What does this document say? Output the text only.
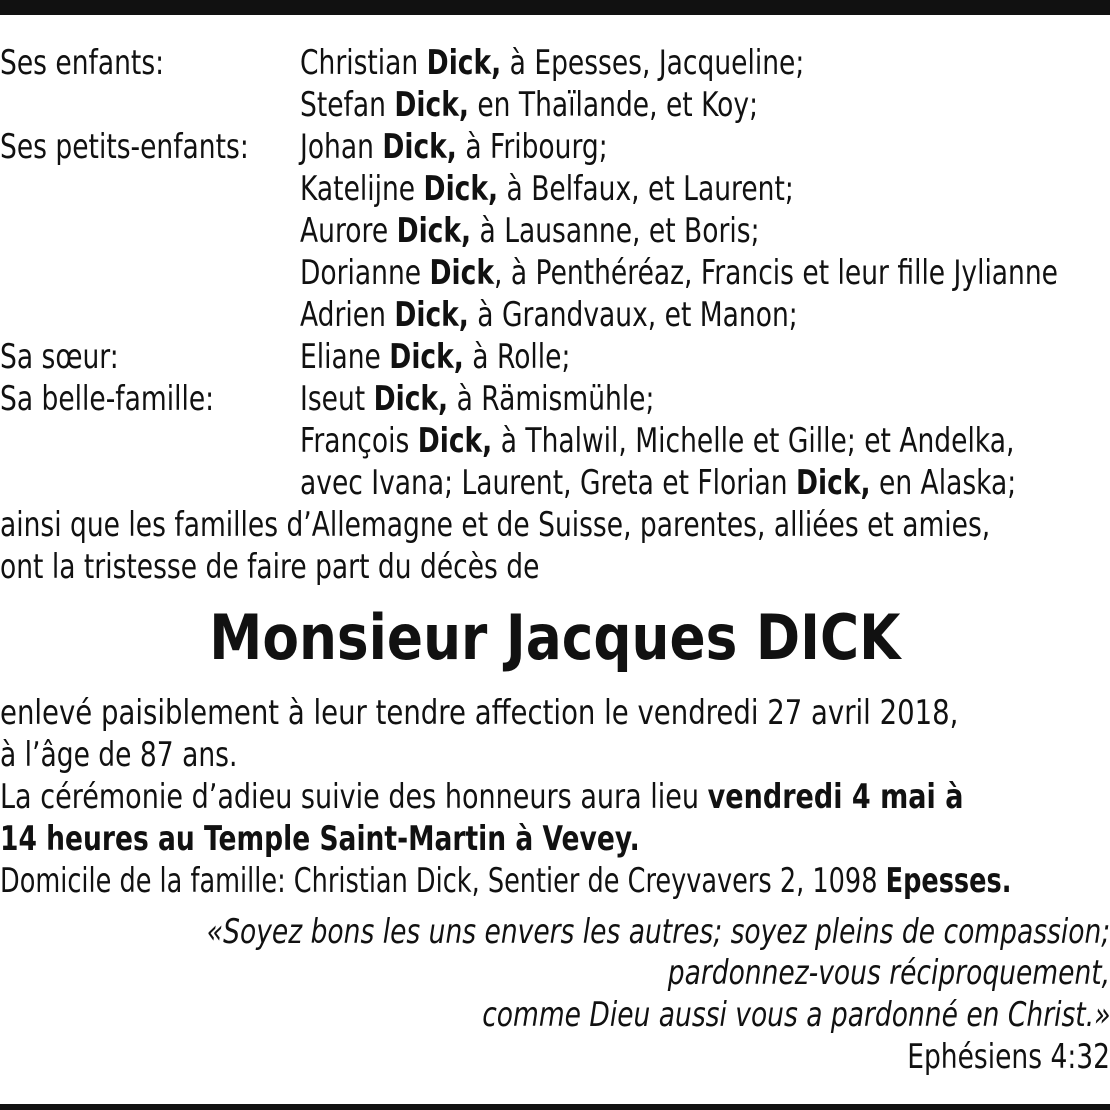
Ses enfants:	Christian Dick, à Epesses, Jacqueline;
Stefan Dick, en Thaïlande, et Koy;
Ses petits-enfants: Johan Dick, à Fribourg;
Katelijne Dick, à Belfaux, et Laurent;
Aurore Dick, à Lausanne, et Boris;
Dorianne Dick, à Penthéréaz, Francis et leur fille Jylianne
Adrien Dick, à Grandvaux, et Manon;
Sa sœur:	Eliane Dick, à Rolle;
Sa belle-famille:	Iseut Dick, à Rämismühle;
François Dick, à Thalwil, Michelle et Gille; et Andelka,
avec Ivana; Laurent, Greta et Florian Dick, en Alaska;
ainsi que les familles d’Allemagne et de Suisse, parentes, alliées et amies,
ont la tristesse de faire part du décès de
Monsieur Jacques DICK
enlevé paisiblement à leur tendre affection le vendredi 27 avril 2018,
à l’âge de 87 ans.
La cérémonie d’adieu suivie des honneurs aura lieu vendredi 4 mai à
14 heures au Temple Saint-Martin à Vevey.
Domicile de la famille: Christian Dick, Sentier de Creyvavers 2, 1098 Epesses.
«Soyez bons les uns envers les autres; soyez pleins de compassion;
pardonnez-vous réciproquement,
comme Dieu aussi vous a pardonné en Christ.»
Ephésiens 4:32
